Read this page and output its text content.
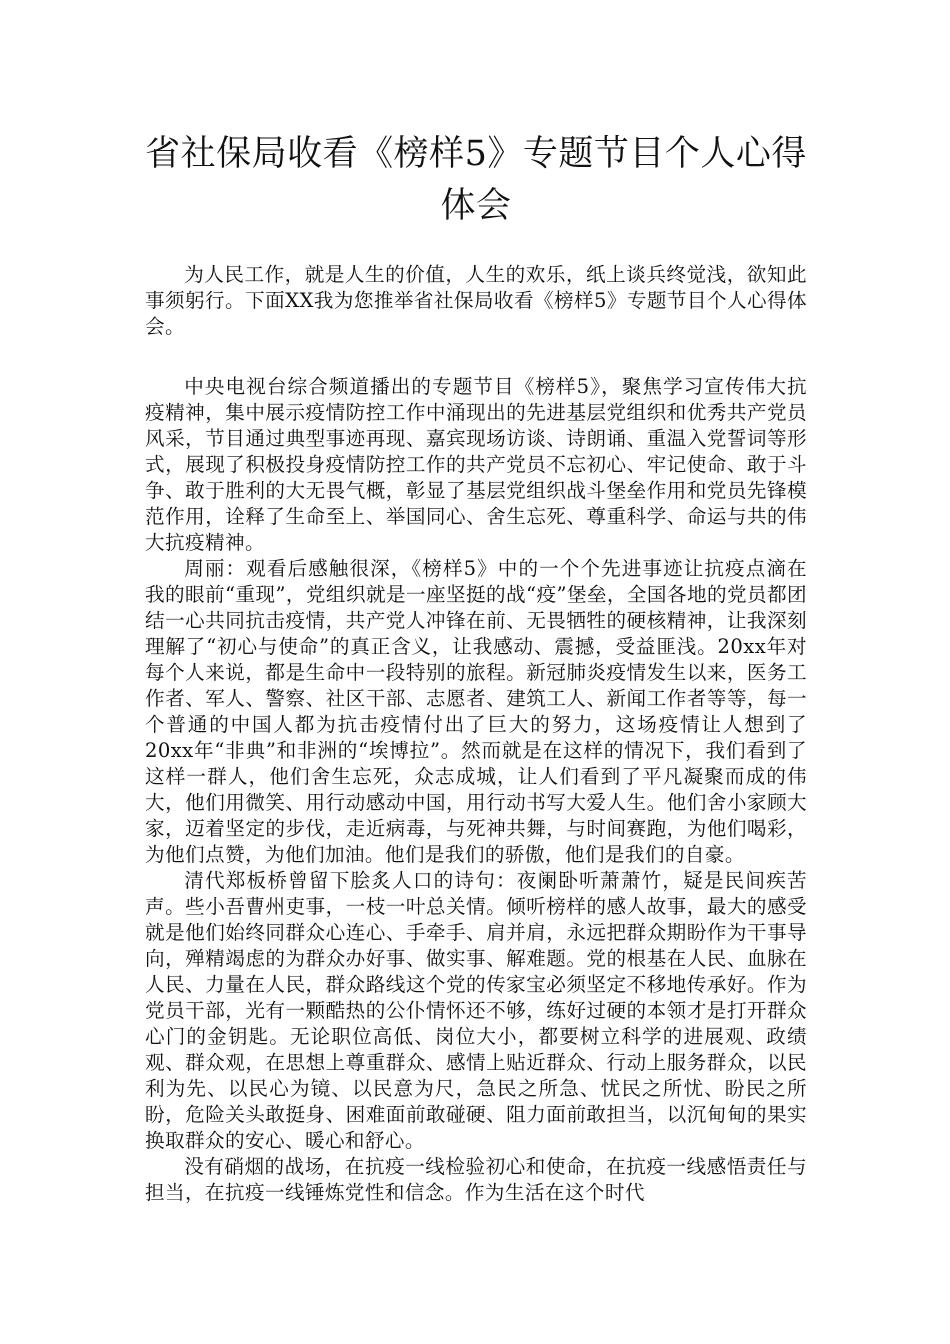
省社保局收看《榜样5》专题节目个人心得
体会

为人民工作，就是人生的价值，人生的欢乐，纸上谈兵终觉浅，欲知此事须躬行。下面XX我为您推举省社保局收看《榜样5》专题节目个人心得体会。

中央电视台综合频道播出的专题节目《榜样5》，聚焦学习宣传伟大抗疫精神，集中展示疫情防控工作中涌现出的先进基层党组织和优秀共产党员风采，节目通过典型事迹再现、嘉宾现场访谈、诗朗诵、重温入党誓词等形式，展现了积极投身疫情防控工作的共产党员不忘初心、牢记使命、敢于斗争、敢于胜利的大无畏气概，彰显了基层党组织战斗堡垒作用和党员先锋模范作用，诠释了生命至上、举国同心、舍生忘死、尊重科学、命运与共的伟大抗疫精神。

周丽：观看后感触很深，《榜样5》中的一个个先进事迹让抗疫点滴在我的眼前“重现”，党组织就是一座坚挺的战“疫”堡垒，全国各地的党员都团结一心共同抗击疫情，共产党人冲锋在前、无畏牺牲的硬核精神，让我深刻理解了“初心与使命”的真正含义，让我感动、震撼，受益匪浅。20xx年对每个人来说，都是生命中一段特别的旅程。新冠肺炎疫情发生以来，医务工作者、军人、警察、社区干部、志愿者、建筑工人、新闻工作者等等，每一个普通的中国人都为抗击疫情付出了巨大的努力，这场疫情让人想到了20xx年“非典”和非洲的“埃博拉”。然而就是在这样的情况下，我们看到了这样一群人，他们舍生忘死，众志成城，让人们看到了平凡凝聚而成的伟大，他们用微笑、用行动感动中国，用行动书写大爱人生。他们舍小家顾大家，迈着坚定的步伐，走近病毒，与死神共舞，与时间赛跑，为他们喝彩，为他们点赞，为他们加油。他们是我们的骄傲，他们是我们的自豪。

清代郑板桥曾留下脍炙人口的诗句：夜阑卧听萧萧竹，疑是民间疾苦声。些小吾曹州吏事，一枝一叶总关情。倾听榜样的感人故事，最大的感受就是他们始终同群众心连心、手牵手、肩并肩，永远把群众期盼作为干事导向，殚精竭虑的为群众办好事、做实事、解难题。党的根基在人民、血脉在人民、力量在人民，群众路线这个党的传家宝必须坚定不移地传承好。作为党员干部，光有一颗酷热的公仆情怀还不够，练好过硬的本领才是打开群众心门的金钥匙。无论职位高低、岗位大小，都要树立科学的进展观、政绩观、群众观，在思想上尊重群众、感情上贴近群众、行动上服务群众，以民利为先、以民心为镜、以民意为尺，急民之所急、忧民之所忧、盼民之所盼，危险关头敢挺身、困难面前敢碰硬、阻力面前敢担当，以沉甸甸的果实换取群众的安心、暖心和舒心。

没有硝烟的战场，在抗疫一线检验初心和使命，在抗疫一线感悟责任与担当，在抗疫一线锤炼党性和信念。作为生活在这个时代
